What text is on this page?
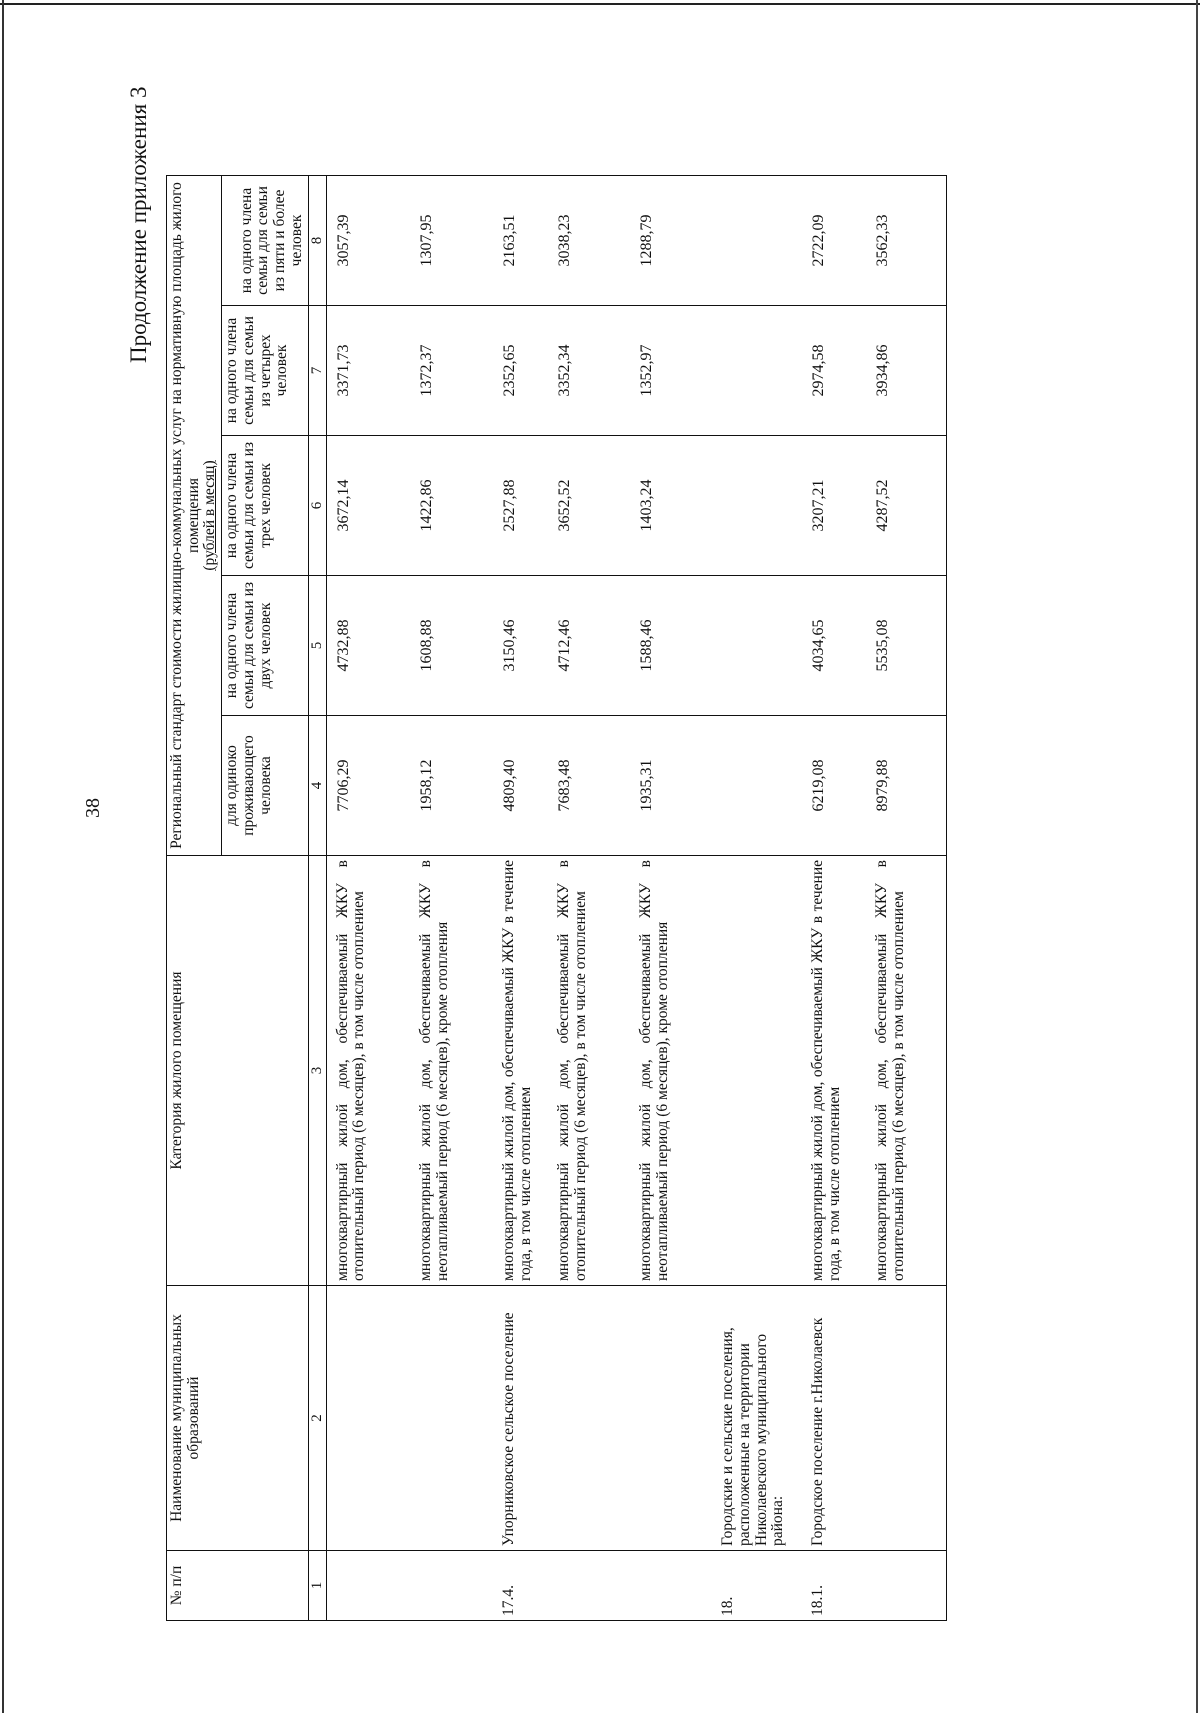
38
Продолжение приложения 3
№ п/п	Наименование муниципальных образований	Категория жилого помещения	Региональный стандарт стоимости жилищно-коммунальных услуг на нормативную площадь жилого помещения
(рублей в месяц)				
			для одиноко проживающего человека	на одного члена семьи для семьи из двух человек	на одного члена семьи для семьи из трех человек	на одного члена семьи для семьи из четырех человек	
							на одного члена семьи для семьи из пяти и более человек
1	2	3	4	5	6	7	8
		многоквартирный жилой дом, обеспечиваемый ЖКУ в отопительный период (6 месяцев), в том числе отоплением	7706,29	4732,88	3672,14	3371,73	3057,39
		многоквартирный жилой дом, обеспечиваемый ЖКУ в неотапливаемый период (6 месяцев), кроме отопления	1958,12	1608,88	1422,86	1372,37	1307,95
17.4.	Упорниковское сельское поселение	многоквартирный жилой дом, обеспечиваемый ЖКУ в течение года, в том числе отоплением	4809,40	3150,46	2527,88	2352,65	2163,51
		многоквартирный жилой дом, обеспечиваемый ЖКУ в отопительный период (6 месяцев), в том числе отоплением	7683,48	4712,46	3652,52	3352,34	3038,23
		многоквартирный жилой дом, обеспечиваемый ЖКУ в неотапливаемый период (6 месяцев), кроме отопления	1935,31	1588,46	1403,24	1352,97	1288,79
18.	Городские и сельские поселения, расположенные на территории Николаевского муниципального района:						
18.1.	Городское поселение г.Николаевск	многоквартирный жилой дом, обеспечиваемый ЖКУ в течение года, в том числе отоплением	6219,08	4034,65	3207,21	2974,58	2722,09
		многоквартирный жилой дом, обеспечиваемый ЖКУ в отопительный период (6 месяцев), в том числе отоплением	8979,88	5535,08	4287,52	3934,86	3562,33
